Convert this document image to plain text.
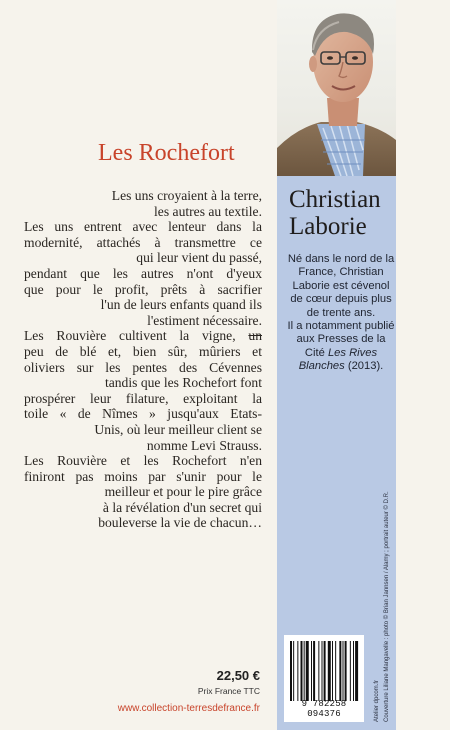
Les Rochefort

Les uns croyaient à la terre,

les autres au textile.

Les uns entrent avec lenteur dans la

modernité, attachés à transmettre ce

qui leur vient du passé,

pendant que les autres n'ont d'yeux

que pour le profit, prêts à sacrifier

l'un de leurs enfants quand ils

l'estiment nécessaire.

Les Rouvière cultivent la vigne, un

peu de blé et, bien sûr, mûriers et

oliviers sur les pentes des Cévennes

tandis que les Rochefort font

prospérer leur filature, exploitant la

toile « de Nîmes » jusqu'aux Etats-

Unis, où leur meilleur client se

nomme Levi Strauss.

Les Rouvière et les Rochefort n'en

finiront pas moins par s'unir pour le

meilleur et pour le pire grâce

à la révélation d'un secret qui

bouleverse la vie de chacun…

Christian
Laborie

Né dans le nord de la France, Christian Laborie est cévenol de cœur depuis plus de trente ans.

Il a notamment publié aux Presses de la Cité Les Rives Blanches (2013).

22,50 €
Prix France TTC
www.collection-terresdefrance.fr	9 782258 094376	Couverture Liliane Mangavelle : photo © Brian Jannsen / Alamy ; portrait auteur © D.R.
Atelier dpcom.fr
